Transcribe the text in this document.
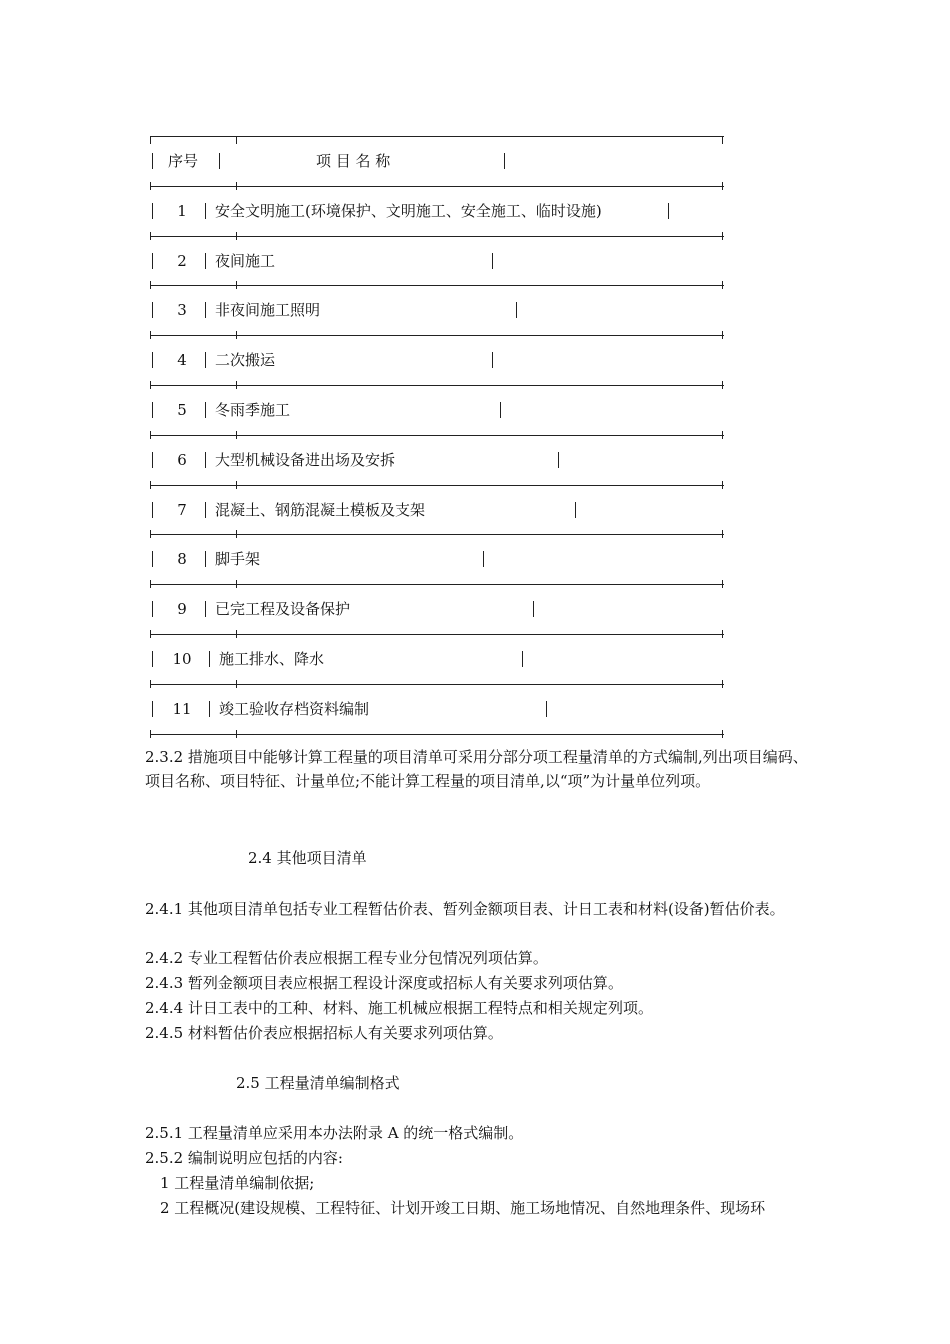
序号	项 目 名 称
1	安全文明施工(环境保护、文明施工、安全施工、临时设施)
2	夜间施工
3	非夜间施工照明
4	二次搬运
5	冬雨季施工
6	大型机械设备进出场及安拆
7	混凝土、钢筋混凝土模板及支架
8	脚手架
9	已完工程及设备保护
10	施工排水、降水
11	竣工验收存档资料编制

2.3.2 措施项目中能够计算工程量的项目清单可采用分部分项工程量清单的方式编制,列出项目编码、项目名称、项目特征、计量单位;不能计算工程量的项目清单,以“项”为计量单位列项。

2.4 其他项目清单

2.4.1 其他项目清单包括专业工程暂估价表、暂列金额项目表、计日工表和材料(设备)暂估价表。

2.4.2 专业工程暂估价表应根据工程专业分包情况列项估算。

2.4.3 暂列金额项目表应根据工程设计深度或招标人有关要求列项估算。

2.4.4 计日工表中的工种、材料、施工机械应根据工程特点和相关规定列项。

2.4.5 材料暂估价表应根据招标人有关要求列项估算。

2.5 工程量清单编制格式

2.5.1 工程量清单应采用本办法附录 A 的统一格式编制。

2.5.2 编制说明应包括的内容:

1 工程量清单编制依据;

2 工程概况(建设规模、工程特征、计划开竣工日期、施工场地情况、自然地理条件、现场环
